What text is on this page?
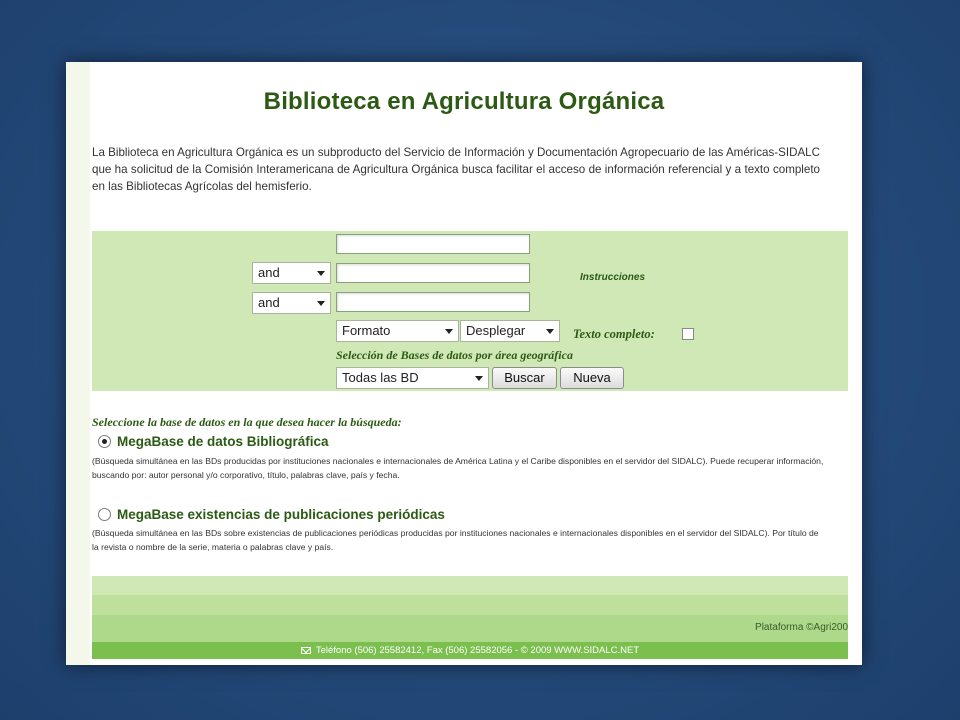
Biblioteca en Agricultura Orgánica
La Biblioteca en Agricultura Orgánica es un subproducto del Servicio de Información y Documentación Agropecuario de las Américas-SIDALC que ha solicitud de la Comisión Interamericana de Agricultura Orgánica busca facilitar el acceso de información referencial y a texto completo en las Bibliotecas Agrícolas del hemisferio.
and	Instrucciones
and
Formato	Desplegar	Texto completo:
Selección de Bases de datos por área geográfica
Todas las BD	Buscar	Nueva
Seleccione la base de datos en la que desea hacer la búsqueda:
MegaBase de datos Bibliográfica
(Búsqueda simultánea en las BDs producidas por instituciones nacionales e internacionales de América Latina y el Caribe disponibles en el servidor del SIDALC). Puede recuperar información, buscando por: autor personal y/o corporativo, título, palabras clave, país y fecha.
MegaBase existencias de publicaciones periódicas
(Búsqueda simultánea en las BDs sobre existencias de publicaciones periódicas producidas por instituciones nacionales e internacionales disponibles en el servidor del SIDALC). Por título de la revista o nombre de la serie, materia o palabras clave y país.
Plataforma ©Agri200
Teléfono (506) 25582412, Fax (506) 25582056 - © 2009 WWW.SIDALC.NET
